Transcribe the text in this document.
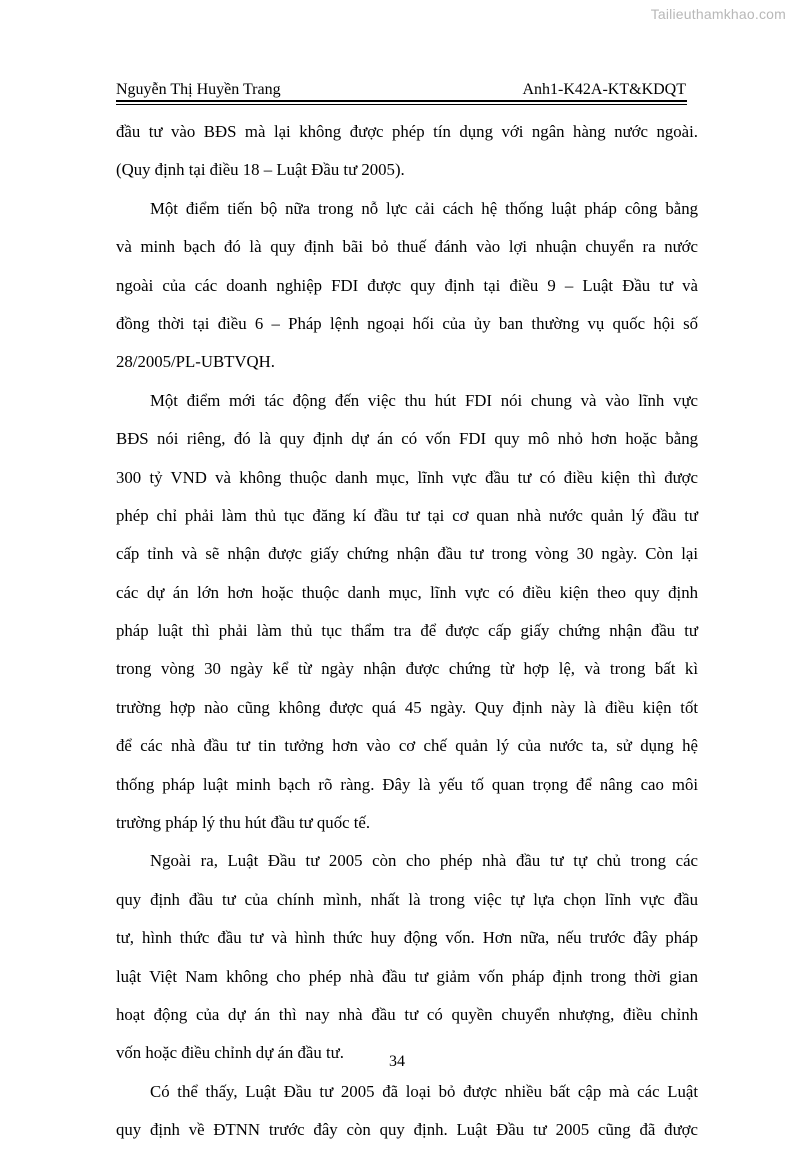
Tailieuthamkhao.com
Nguyễn Thị Huyền Trang	Anh1-K42A-KT&KDQT
đầu tư vào BĐS mà lại không được phép tín dụng với ngân hàng nước ngoài.
(Quy định tại điều 18 – Luật Đầu tư 2005).
Một điểm tiến bộ nữa trong nỗ lực cải cách hệ thống luật pháp công bằng
và minh bạch đó là quy định bãi bỏ thuế đánh vào lợi nhuận chuyển ra nước
ngoài của các doanh nghiệp FDI được quy định tại điều 9 – Luật Đầu tư và
đồng thời tại điều 6 – Pháp lệnh ngoại hối của ủy ban thường vụ quốc hội số
28/2005/PL-UBTVQH.
Một điểm mới tác động đến việc thu hút FDI nói chung và vào lĩnh vực
BĐS nói riêng, đó là quy định dự án có vốn FDI quy mô nhỏ hơn hoặc bằng
300 tỷ VND và không thuộc danh mục, lĩnh vực đầu tư có điều kiện thì được
phép chỉ phải làm thủ tục đăng kí đầu tư tại cơ quan nhà nước quản lý đầu tư
cấp tỉnh và sẽ nhận được giấy chứng nhận đầu tư trong vòng 30 ngày. Còn lại
các dự án lớn hơn hoặc thuộc danh mục, lĩnh vực có điều kiện theo quy định
pháp luật thì phải làm thủ tục thẩm tra để được cấp giấy chứng nhận đầu tư
trong vòng 30 ngày kể từ ngày nhận được chứng từ hợp lệ, và trong bất kì
trường hợp nào cũng không được quá 45 ngày. Quy định này là điều kiện tốt
để các nhà đầu tư tin tưởng hơn vào cơ chế quản lý của nước ta, sử dụng hệ
thống pháp luật minh bạch rõ ràng. Đây là yếu tố quan trọng để nâng cao môi
trường pháp lý thu hút đầu tư quốc tế.
Ngoài ra, Luật Đầu tư 2005 còn cho phép nhà đầu tư tự chủ trong các
quy định đầu tư của chính mình, nhất là trong việc tự lựa chọn lĩnh vực đầu
tư, hình thức đầu tư và hình thức huy động vốn. Hơn nữa, nếu trước đây pháp
luật Việt Nam không cho phép nhà đầu tư giảm vốn pháp định trong thời gian
hoạt động của dự án thì nay nhà đầu tư có quyền chuyển nhượng, điều chỉnh
vốn hoặc điều chỉnh dự án đầu tư.
Có thể thấy, Luật Đầu tư 2005 đã loại bỏ được nhiều bất cập mà các Luật
quy định về ĐTNN trước đây còn quy định. Luật Đầu tư 2005 cũng đã được
34
